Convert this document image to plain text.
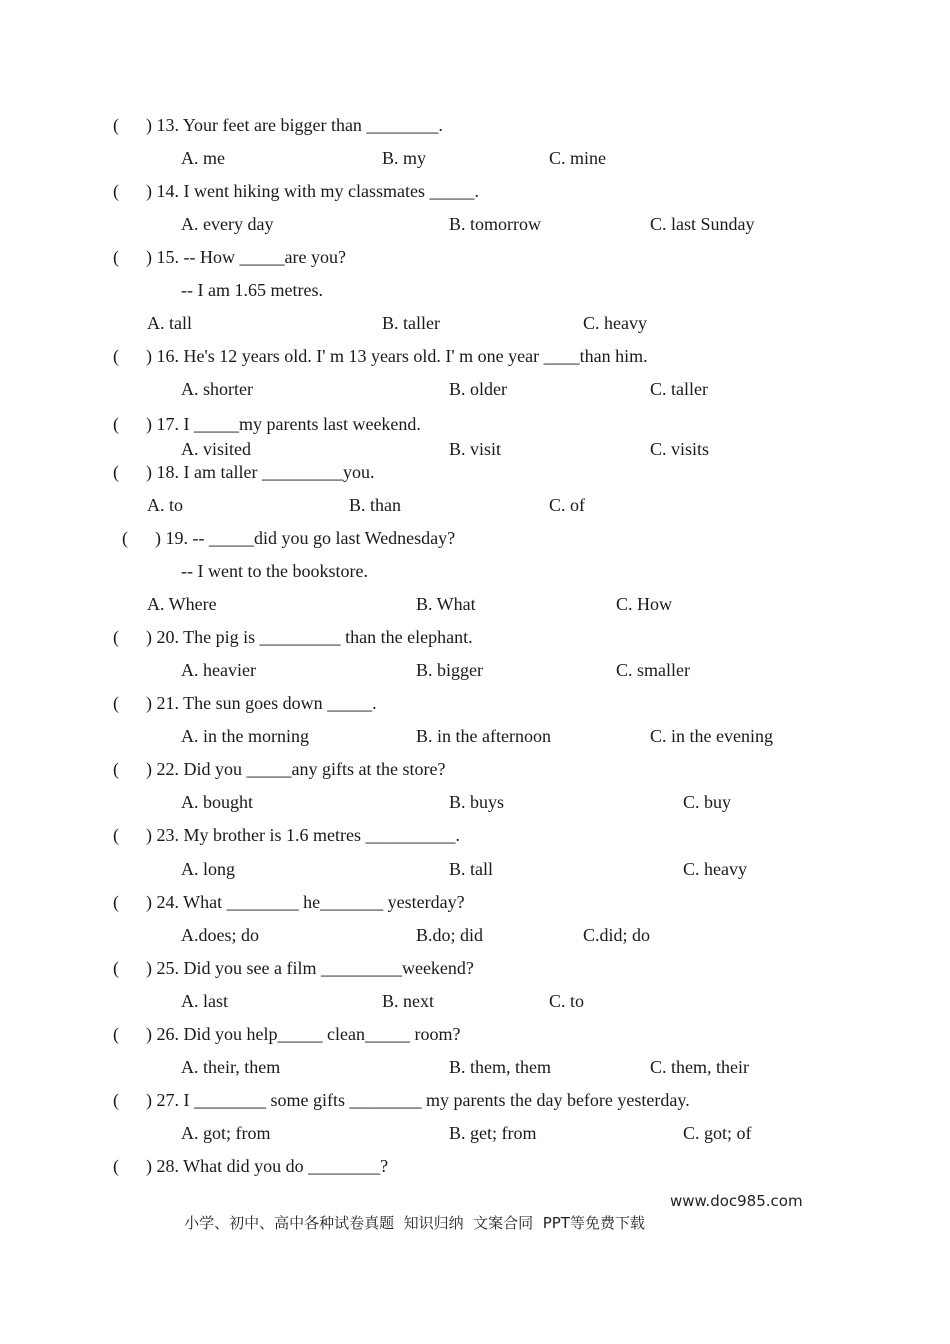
(      ) 13. Your feet are bigger than ________.
A. me	B. my	C. mine
(      ) 14. I went hiking with my classmates _____.
A. every day	B. tomorrow	C. last Sunday
(      ) 15. -- How _____are you?
-- I am 1.65 metres.
A. tall	B. taller	C. heavy
(      ) 16. He's 12 years old. I' m 13 years old. I' m one year ____than him.
A. shorter	B. older	C. taller
(      ) 17. I _____my parents last weekend.
A. visited	B. visit	C. visits
(      ) 18. I am taller _________you.
A. to	B. than	C. of
(      ) 19. -- _____did you go last Wednesday?
-- I went to the bookstore.
A. Where	B. What	C. How
(      ) 20. The pig is _________ than the elephant.
A. heavier	B. bigger	C. smaller
(      ) 21. The sun goes down _____.
A. in the morning	B. in the afternoon	C. in the evening
(      ) 22. Did you _____any gifts at the store?
A. bought	B. buys	C. buy
(      ) 23. My brother is 1.6 metres __________.
A. long	B. tall	C. heavy
(      ) 24. What ________ he_______ yesterday?
A.does; do	B.do; did	C.did; do
(      ) 25. Did you see a film _________weekend?
A. last	B. next	C. to
(      ) 26. Did you help_____ clean_____ room?
A. their, them	B. them, them	C. them, their
(      ) 27. I ________ some gifts ________ my parents the day before yesterday.
A. got; from	B. get; from	C. got; of
(      ) 28. What did you do ________?

小学、初中、高中各种试卷真题  知识归纳  文案合同  PPT等免费下载

www.doc985.com
